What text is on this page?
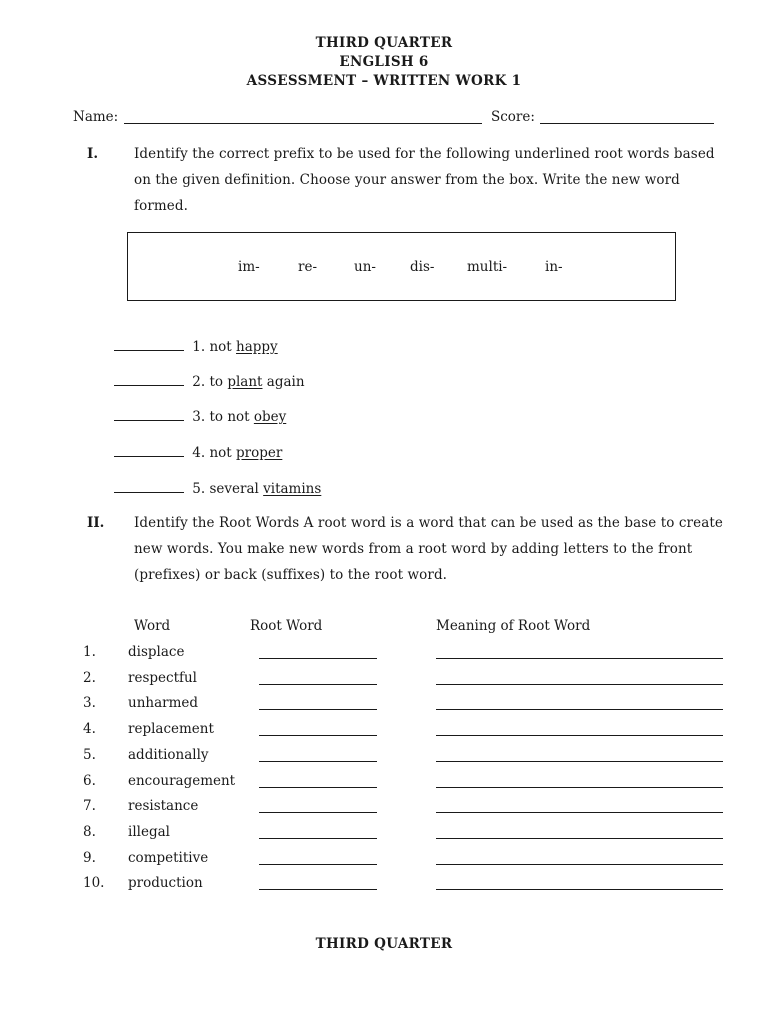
THIRD QUARTER
ENGLISH 6
ASSESSMENT – WRITTEN WORK 1
Name:	Score:
I.	Identify the correct prefix to be used for the following underlined root words based on the given definition. Choose your answer from the box. Write the new word formed.
im-	re-	un-	dis- multi-	in-
1. not happy
2. to plant again
3. to not obey
4. not proper
5. several vitamins
II. Identify the Root Words A root word is a word that can be used as the base to create new words. You make new words from a root word by adding letters to the front (prefixes) or back (suffixes) to the root word.
Word	Root Word	Meaning of Root Word
1. displace
2. respectful
3. unharmed
4. replacement
5. additionally
6. encouragement
7. resistance
8. illegal
9. competitive
10. production
THIRD QUARTER
